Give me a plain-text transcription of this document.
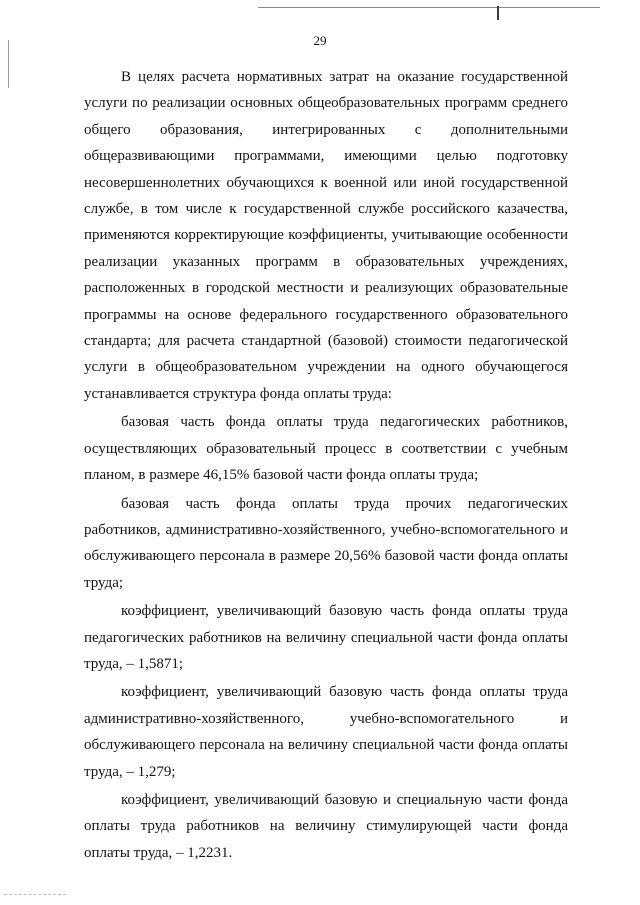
29

В целях расчета нормативных затрат на оказание государственной услуги по реализации основных общеобразовательных программ среднего общего образования, интегрированных с дополнительными общеразвивающими программами, имеющими целью подготовку несовершеннолетних обучающихся к военной или иной государственной службе, в том числе к государственной службе российского казачества, применяются корректирующие коэффициенты, учитывающие особенности реализации указанных программ в образовательных учреждениях, расположенных в городской местности и реализующих образовательные программы на основе федерального государственного образовательного стандарта; для расчета стандартной (базовой) стоимости педагогической услуги в общеобразовательном учреждении на одного обучающегося устанавливается структура фонда оплаты труда:

базовая часть фонда оплаты труда педагогических работников, осуществляющих образовательный процесс в соответствии с учебным планом, в размере 46,15% базовой части фонда оплаты труда;

базовая часть фонда оплаты труда прочих педагогических работников, административно-хозяйственного, учебно-вспомогательного и обслуживающего персонала в размере 20,56% базовой части фонда оплаты труда;

коэффициент, увеличивающий базовую часть фонда оплаты труда педагогических работников на величину специальной части фонда оплаты труда, – 1,5871;

коэффициент, увеличивающий базовую часть фонда оплаты труда административно-хозяйственного, учебно-вспомогательного и обслуживающего персонала на величину специальной части фонда оплаты труда, – 1,279;

коэффициент, увеличивающий базовую и специальную части фонда оплаты труда работников на величину стимулирующей части фонда оплаты труда, – 1,2231.
